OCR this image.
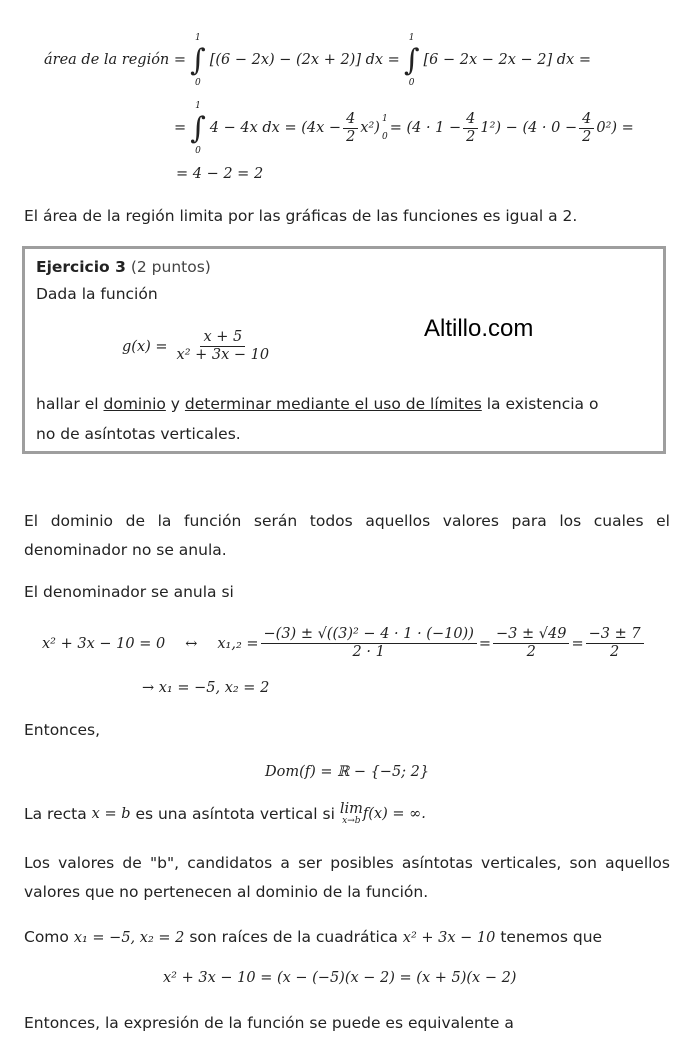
área de la región =
1
∫
0
[(6 − 2x) − (2x + 2)] dx =
1
∫
0
[6 − 2x − 2x − 2] dx =
=
1
∫
0
4 − 4x dx = $(4x - \frac{4}{2} x^2)$
1
0
= $(4 \cdot 1 - \frac{4}{2} 1^2) - (4 \cdot 0 - \frac{4}{2} 0^2)$ =
= 4 − 2 = 2
El área de la región limita por las gráficas de las funciones es igual a 2.
Ejercicio 3 (2 puntos)
Dada la función
$g(x) = \frac{x + 5}{\text{x² + 3x − 10}}$
Altillo.com
hallar el dominio y determinar mediante el uso de límites la existencia o
no de asíntotas verticales.
El dominio de la función serán todos aquellos valores para los cuales el denominador no se anula.
El denominador se anula si
x² + 3x − 10 = 0 ↔ $x_1,_2 = \frac{\text{−(3) ± √((3)² − 4 · 1 · (−10))}}{2 \cdot 1} = \frac{-3 \pm √49}{2} = \frac{-3 \pm 7}{2}$
→ x₁ = −5, x₂ = 2
Entonces,
Dom(f) = ℝ − {−5; 2}
La recta
x = b
es una asíntota vertical si
lim
x→b f(x) = ∞.
Los valores de "b", candidatos a ser posibles asíntotas verticales, son aquellos valores que no pertenecen al dominio de la función.
Como x₁ = −5, x₂ = 2 son raíces de la cuadrática x² + 3x − 10 tenemos que
x² + 3x − 10 = (x − (−5)(x − 2) = (x + 5)(x − 2)
Entonces, la expresión de la función se puede es equivalente a
